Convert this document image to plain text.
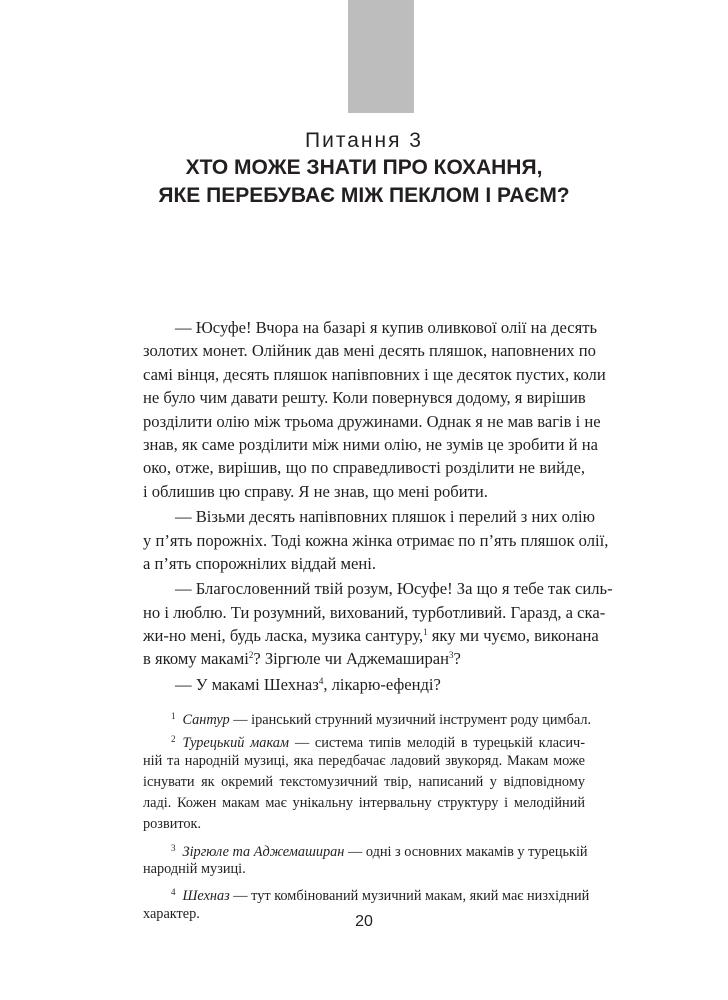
Питання 3
ХТО МОЖЕ ЗНАТИ ПРО КОХАННЯ,
ЯКЕ ПЕРЕБУВАЄ МІЖ ПЕКЛОМ І РАЄМ?
— Юсуфе! Вчора на базарі я купив оливкової олії на десять
золотих монет. Олійник дав мені десять пляшок, наповнених по
самі вінця, десять пляшок напівповних і ще десяток пустих, коли
не було чим давати решту. Коли повернувся додому, я вирішив
розділити олію між трьома дружинами. Однак я не мав вагів і не
знав, як саме розділити між ними олію, не зумів це зробити й на
око, отже, вирішив, що по справедливості розділити не вийде,
і облишив цю справу. Я не знав, що мені робити.
— Візьми десять напівповних пляшок і перелий з них олію
у п’ять порожніх. Тоді кожна жінка отримає по п’ять пляшок олії,
а п’ять спорожнілих віддай мені.
— Благословенний твій розум, Юсуфе! За що я тебе так силь-
но і люблю. Ти розумний, вихований, турботливий. Гаразд, а ска-
жи-но мені, будь ласка, музика сантуру,$^1$ яку ми чуємо, виконана
в якому макамі$^2$? Зіргюле чи Аджемаширан$^3$?
— У макамі Шехназ$^4$, лікарю-ефенді?
$^1$ Сантур — іранський струнний музичний інструмент роду цимбал.
$^2$ Турецький макам — система типів мелодій в турецькій класич-
ній та народній музиці, яка передбачає ладовий звукоряд. Макам може
існувати як окремий текстомузичний твір, написаний у відповідному
ладі. Кожен макам має унікальну інтервальну структуру і мелодійний
розвиток.
$^3$ Зіргюле та Аджемаширан — одні з основних макамів у турецькій
народній музиці.
$^4$ Шехназ — тут комбінований музичний макам, який має низхідний
характер.	20
